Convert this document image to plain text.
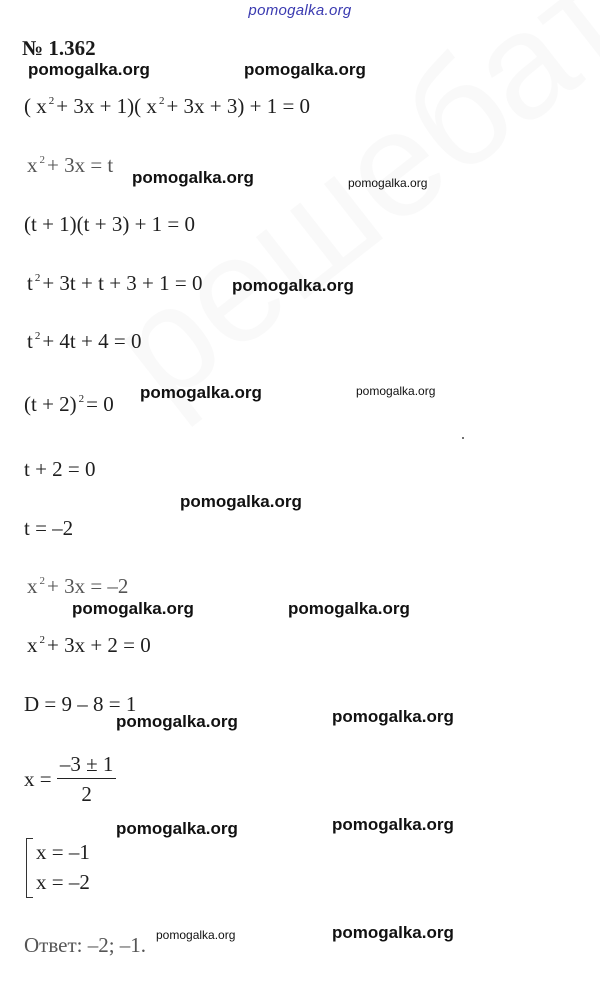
pomogalka.org
№ 1.362
pomogalka.org	pomogalka.org
pomogalka.org	pomogalka.org
pomogalka.org
pomogalka.org	pomogalka.org
pomogalka.org
pomogalka.org	pomogalka.org
pomogalka.org	pomogalka.org
pomogalka.org	pomogalka.org
pomogalka.org	pomogalka.org
( x $^2$+ 3x + 1)( x $^2$+ 3x + 3) + 1 = 0
x $^2$+ 3x = t
(t + 1)(t + 3) + 1 = 0
t $^2$+ 3t + t + 3 + 1 = 0
t $^2$+ 4t + 4 = 0
(t + 2) $^2$= 0
t + 2 = 0
t = –2
x $^2$+ 3x = –2
x $^2$+ 3x + 2 = 0
D = 9 – 8 = 1
$x = \frac{-3 \pm 1}{2}$
x = –1
x = –2
Ответ: –2; –1.
